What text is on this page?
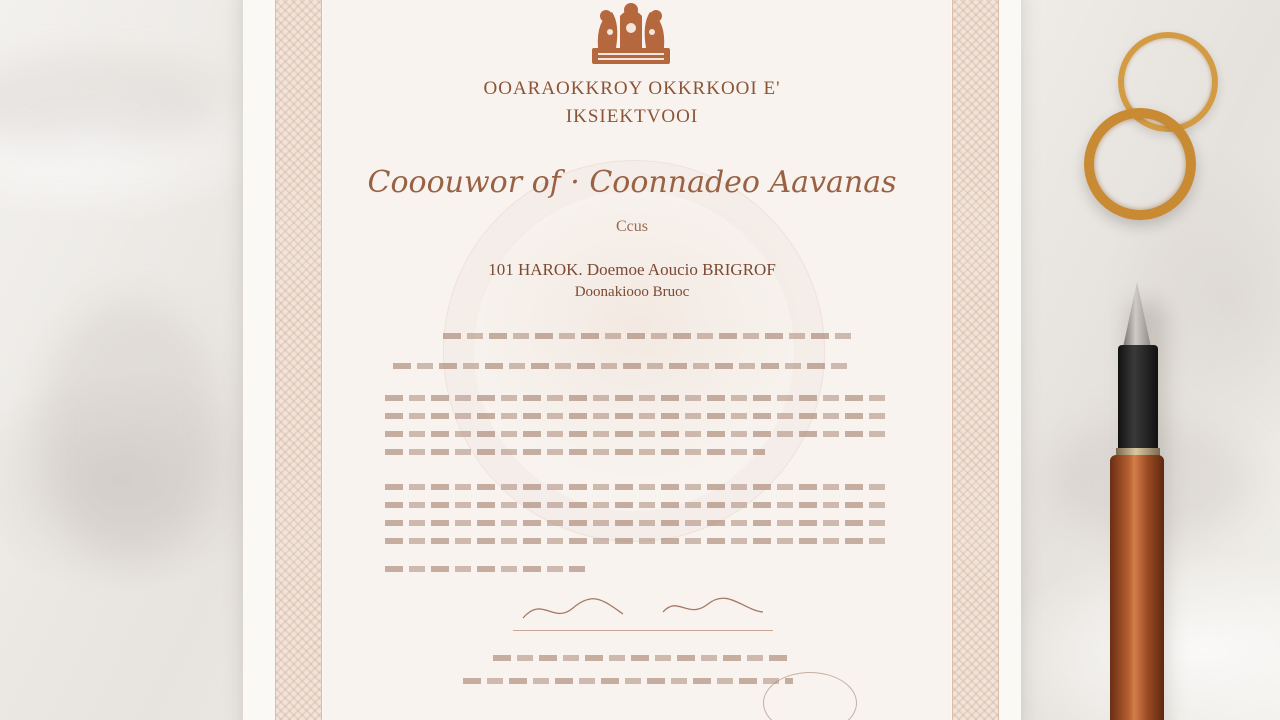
OOARAOKKROY OKKRKOOI E'
IKSIEKTVOOI
Cooouwor of · Coonnadeo Aavanas
Ccus
101 HAROK. Doemoe Aoucio BRIGROF
Doonakiooo Bruoc
